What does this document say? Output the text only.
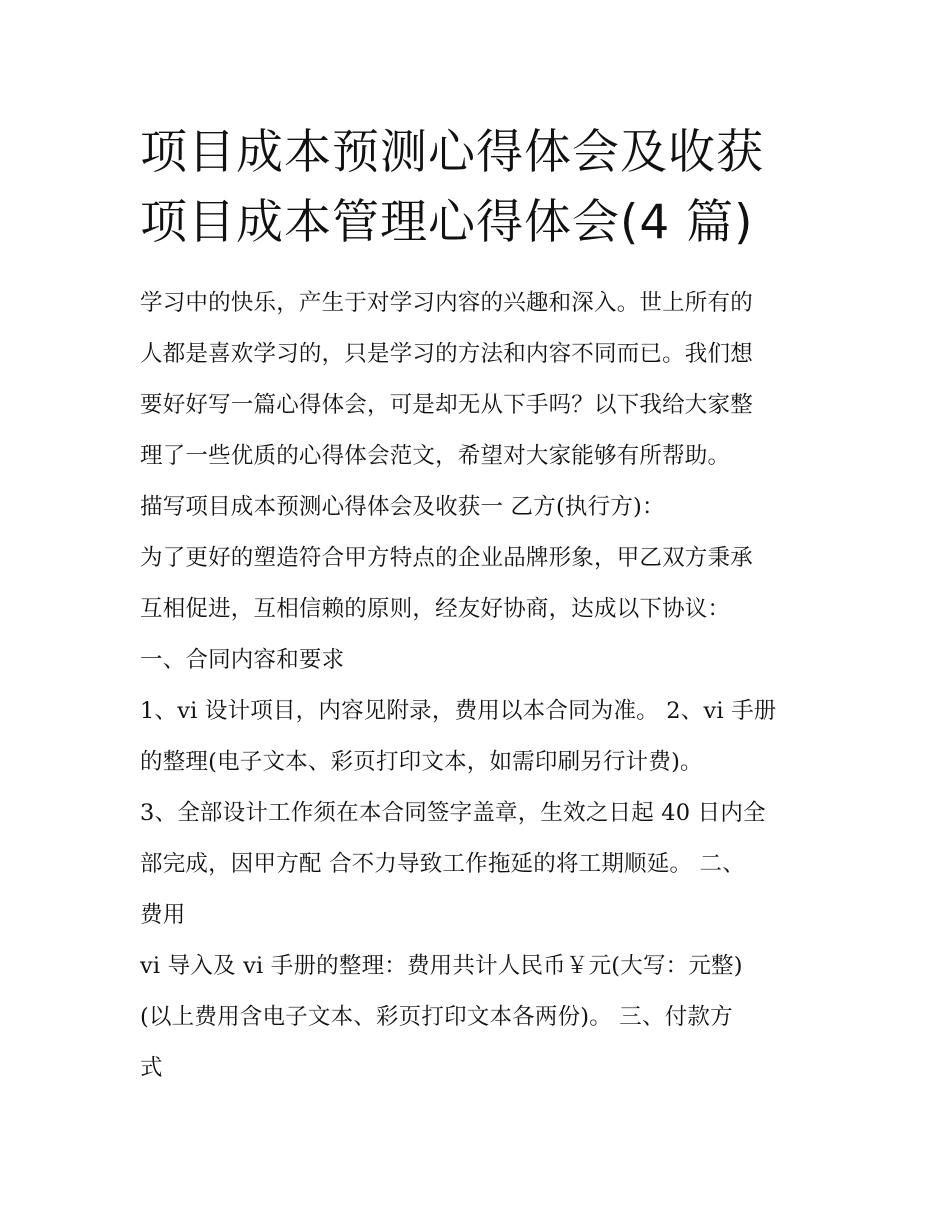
项目成本预测心得体会及收获
项目成本管理心得体会(4 篇)
学习中的快乐，产生于对学习内容的兴趣和深入。世上所有的
人都是喜欢学习的，只是学习的方法和内容不同而已。我们想
要好好写一篇心得体会，可是却无从下手吗？以下我给大家整
理了一些优质的心得体会范文，希望对大家能够有所帮助。
描写项目成本预测心得体会及收获一 乙方(执行方)：
为了更好的塑造符合甲方特点的企业品牌形象，甲乙双方秉承
互相促进，互相信赖的原则，经友好协商，达成以下协议：
一、合同内容和要求
1、vi 设计项目，内容见附录，费用以本合同为准。 2、vi 手册
的整理(电子文本、彩页打印文本，如需印刷另行计费)。
3、全部设计工作须在本合同签字盖章，生效之日起 40 日内全
部完成，因甲方配 合不力导致工作拖延的将工期顺延。 二、
费用
vi 导入及 vi 手册的整理：费用共计人民币￥元(大写：元整)
(以上费用含电子文本、彩页打印文本各两份)。 三、付款方
式
